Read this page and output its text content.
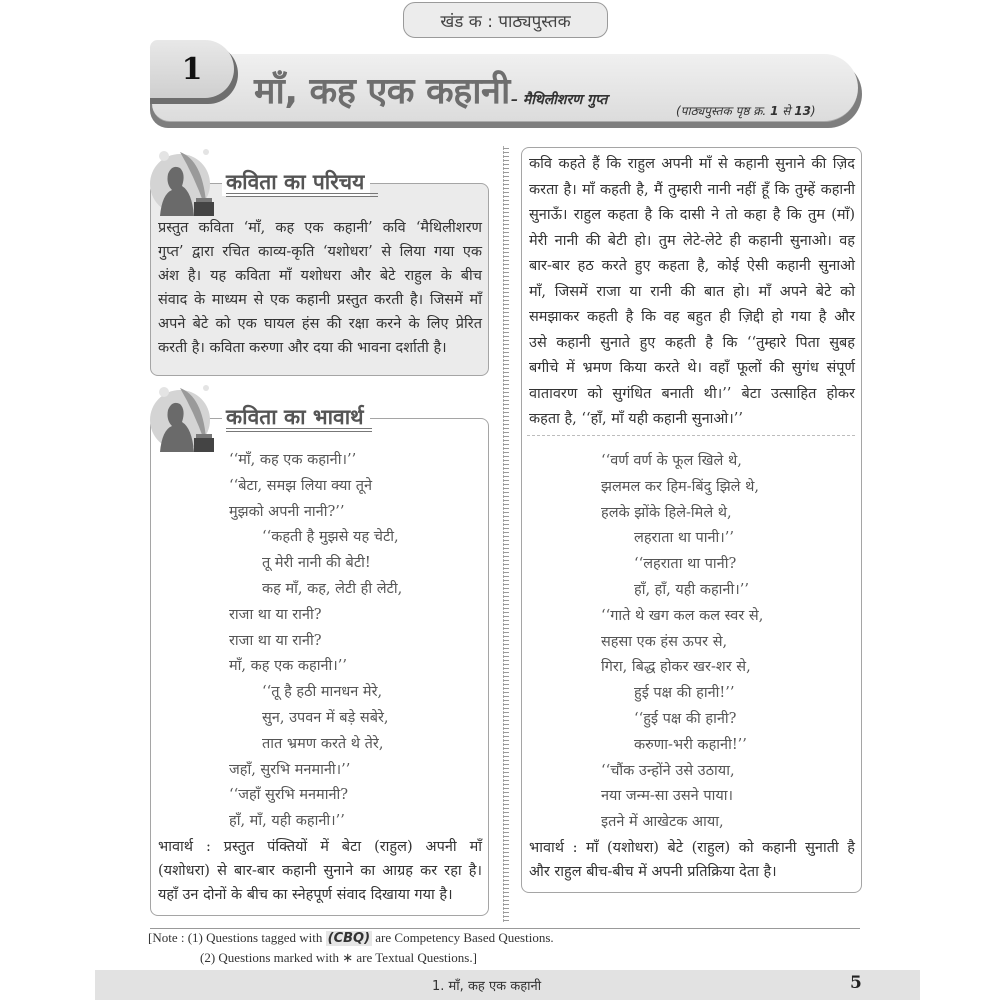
खंड क : पाठ्यपुस्तक
1
माँ, कह एक कहानी – मैथिलीशरण गुप्त
(पाठ्यपुस्तक पृष्ठ क्र. 1 से 13)
कविता का परिचय
प्रस्तुत कविता ‘माँ, कह एक कहानी’ कवि ‘मैथिलीशरण
गुप्त’ द्वारा रचित काव्य-कृति ‘यशोधरा’ से लिया गया एक
अंश है। यह कविता माँ यशोधरा और बेटे राहुल के बीच
संवाद के माध्यम से एक कहानी प्रस्तुत करती है। जिसमें माँ
अपने बेटे को एक घायल हंस की रक्षा करने के लिए प्रेरित
करती है। कविता करुणा और दया की भावना दर्शाती है।
कविता का भावार्थ
‘‘माँ, कह एक कहानी।’’
‘‘बेटा, समझ लिया क्या तूने
मुझको अपनी नानी?’’
‘‘कहती है मुझसे यह चेटी,
तू मेरी नानी की बेटी!
कह माँ, कह, लेटी ही लेटी,
राजा था या रानी?
राजा था या रानी?
माँ, कह एक कहानी।’’
‘‘तू है हठी मानधन मेरे,
सुन, उपवन में बड़े सबेरे,
तात भ्रमण करते थे तेरे,
जहाँ, सुरभि मनमानी।’’
‘‘जहाँ सुरभि मनमानी?
हाँ, माँ, यही कहानी।’’
भावार्थ : प्रस्तुत पंक्तियों में बेटा (राहुल) अपनी माँ
(यशोधरा) से बार-बार कहानी सुनाने का आग्रह कर रहा है।
यहाँ उन दोनों के बीच का स्नेहपूर्ण संवाद दिखाया गया है।
कवि कहते हैं कि राहुल अपनी माँ से कहानी सुनाने की ज़िद
करता है। माँ कहती है, मैं तुम्हारी नानी नहीं हूँ कि तुम्हें कहानी
सुनाऊँ। राहुल कहता है कि दासी ने तो कहा है कि तुम (माँ)
मेरी नानी की बेटी हो। तुम लेटे-लेटे ही कहानी सुनाओ। वह
बार-बार हठ करते हुए कहता है, कोई ऐसी कहानी सुनाओ
माँ, जिसमें राजा या रानी की बात हो। माँ अपने बेटे को
समझाकर कहती है कि वह बहुत ही ज़िद्दी हो गया है और
उसे कहानी सुनाते हुए कहती है कि ‘‘तुम्हारे पिता सुबह
बगीचे में भ्रमण किया करते थे। वहाँ फूलों की सुगंध संपूर्ण
वातावरण को सुगंधित बनाती थी।’’ बेटा उत्साहित होकर
कहता है, ‘‘हाँ, माँ यही कहानी सुनाओ।’’
‘‘वर्ण वर्ण के फूल खिले थे,
झलमल कर हिम-बिंदु झिले थे,
हलके झोंके हिले-मिले थे,
लहराता था पानी।’’
‘‘लहराता था पानी?
हाँ, हाँ, यही कहानी।’’
‘‘गाते थे खग कल कल स्वर से,
सहसा एक हंस ऊपर से,
गिरा, बिद्ध होकर खर-शर से,
हुई पक्ष की हानी!’’
‘‘हुई पक्ष की हानी?
करुणा-भरी कहानी!’’
‘‘चौंक उन्होंने उसे उठाया,
नया जन्म-सा उसने पाया।
इतने में आखेटक आया,
भावार्थ : माँ (यशोधरा) बेटे (राहुल) को कहानी सुनाती है
और राहुल बीच-बीच में अपनी प्रतिक्रिया देता है।
[Note : (1) Questions tagged with (CBQ) are Competency Based Questions.
(2) Questions marked with ∗ are Textual Questions.]
1. माँ, कह एक कहानी	5
